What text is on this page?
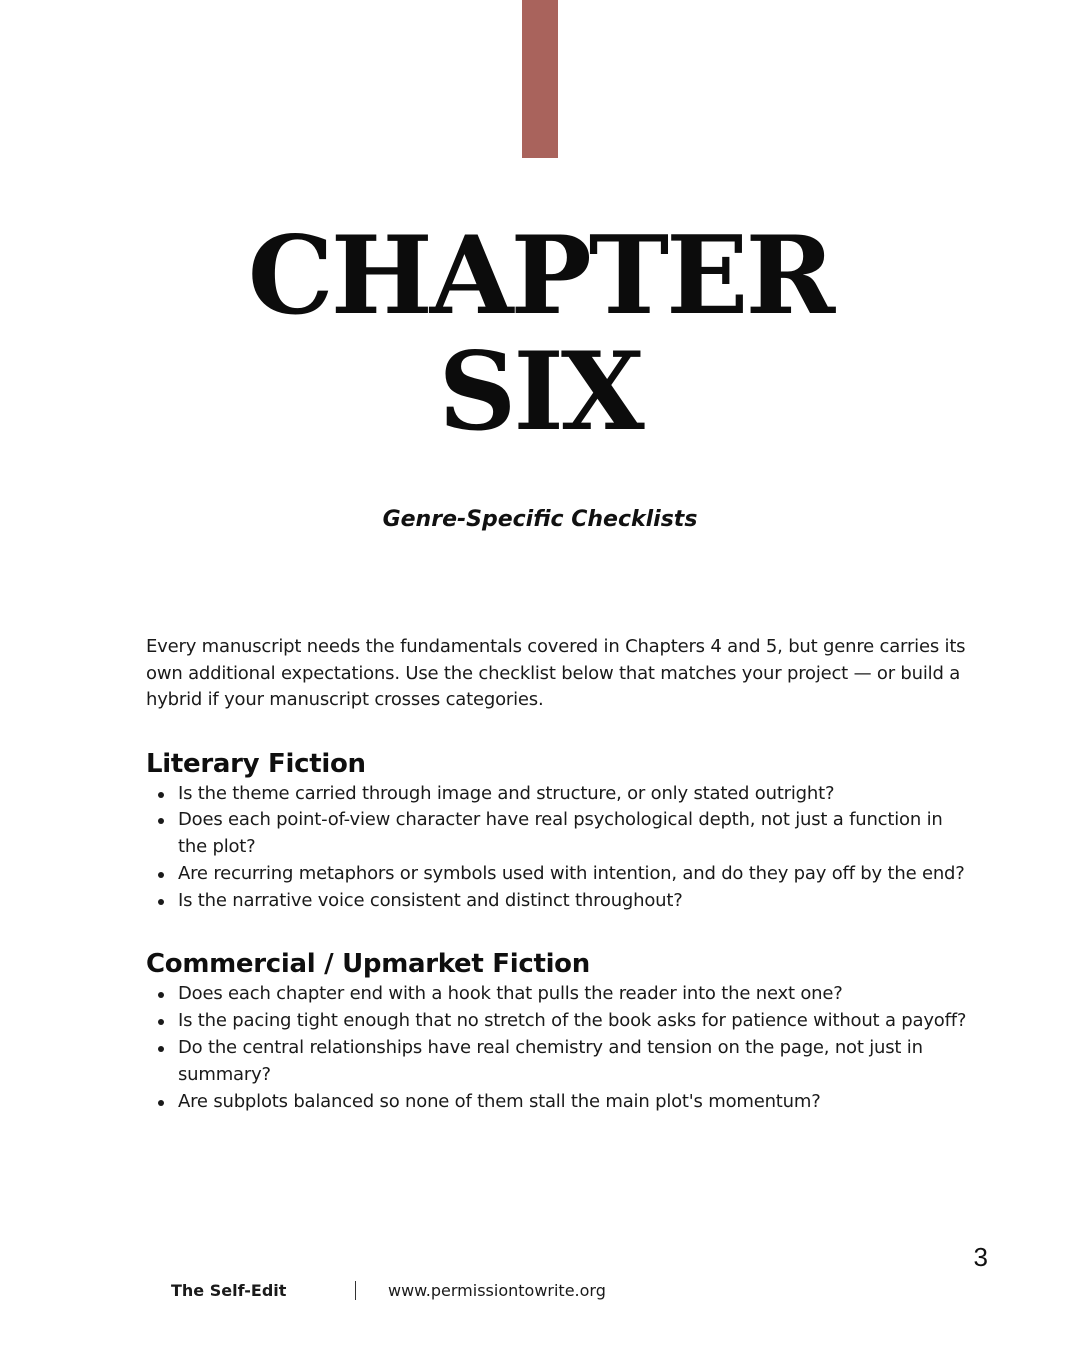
CHAPTER
SIX
Genre-Specific Checklists

Every manuscript needs the fundamentals covered in Chapters 4 and 5, but genre carries its own additional expectations. Use the checklist below that matches your project — or build a hybrid if your manuscript crosses categories.

Literary Fiction
Is the theme carried through image and structure, or only stated outright?
Does each point-of-view character have real psychological depth, not just a function in the plot?
Are recurring metaphors or symbols used with intention, and do they pay off by the end?
Is the narrative voice consistent and distinct throughout?
Commercial / Upmarket Fiction
Does each chapter end with a hook that pulls the reader into the next one?
Is the pacing tight enough that no stretch of the book asks for patience without a payoff?
Do the central relationships have real chemistry and tension on the page, not just in summary?
Are subplots balanced so none of them stall the main plot's momentum?
3
The Self-Edit	www.permissiontowrite.org
